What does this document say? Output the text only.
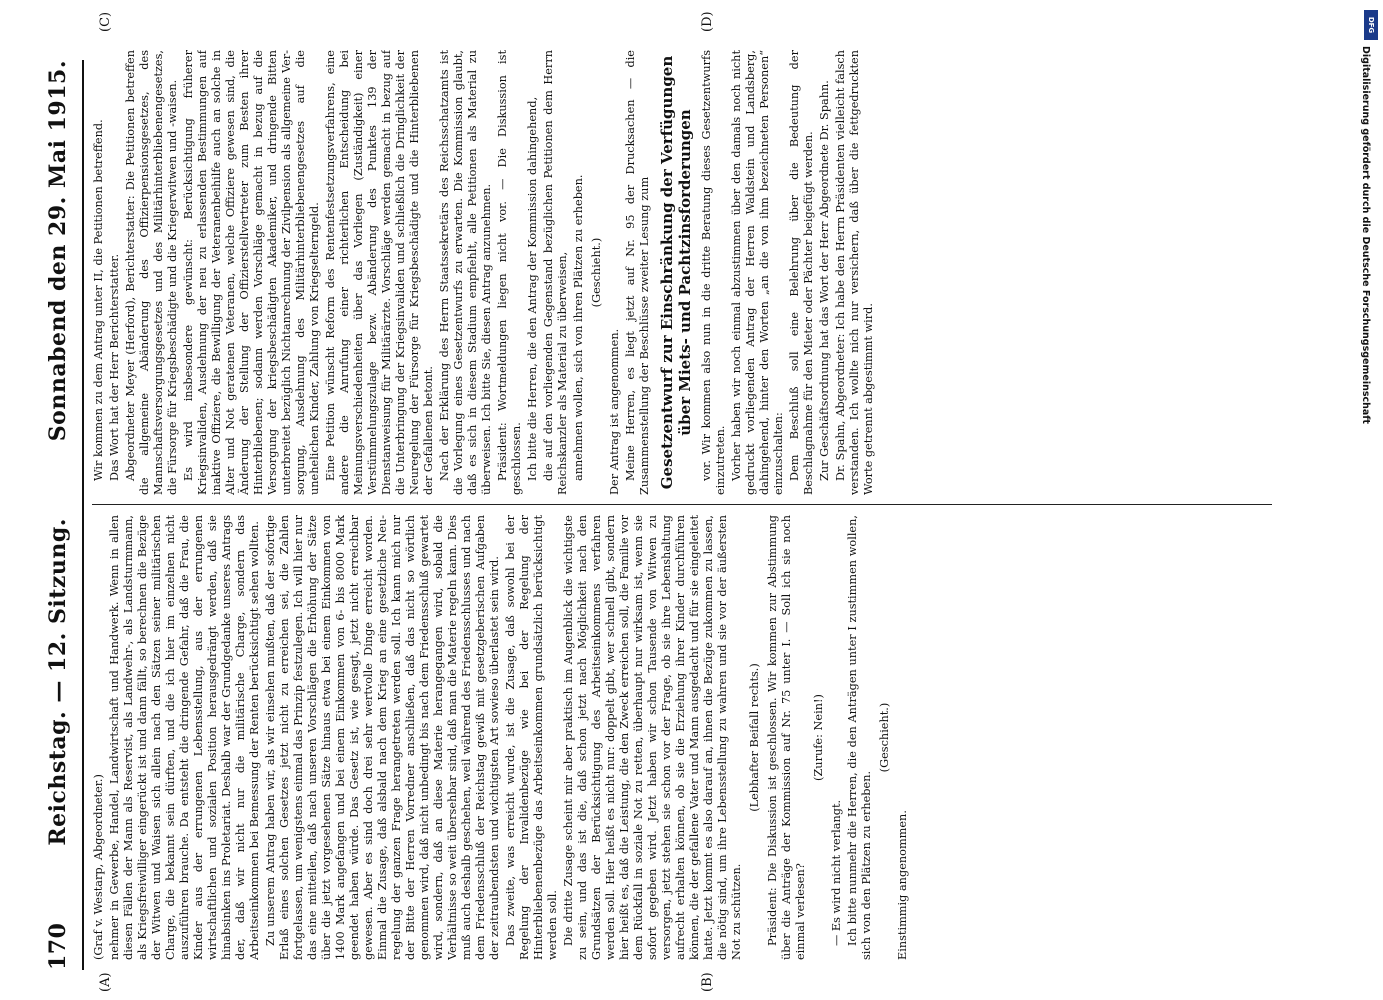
170
Reichstag. — 12. Sitzung.
Sonnabend den 29. Mai 1915.
(A)	(B)
(C)	(D)

(Graf v. Westarp, Abgeordneter.) nehmer in Gewerbe, Handel, Landwirtschaft und Handwerk. Wenn in allen diesen Fällen der Mann als Reservist, als Landwehr-, als Landsturmmann, als Kriegsfreiwilliger eingerückt ist und dann fällt, so berechnen die Bezüge der Witwen und Waisen sich allein nach den Sätzen seiner militärischen Charge, die bekannt sein dürften, und die ich hier im einzelnen nicht auszuführen brauche. Da entsteht die dringende Gefahr, daß die Frau, die Kinder aus der errungenen Lebensstellung, aus der errungenen wirtschaftlichen und sozialen Position herausgedrängt werden, daß sie hinabsinken ins Proletariat. Deshalb war der Grundgedanke unseres Antrags der, daß wir nicht nur die militärische Charge, sondern das Arbeitseinkommen bei Bemessung der Renten berücksichtigt sehen wollten. Zu unserem Antrag haben wir, als wir einsehen mußten, daß der sofortige Erlaß eines solchen Gesetzes jetzt nicht zu erreichen sei, die Zahlen fortgelassen, um wenigstens einmal das Prinzip festzulegen. Ich will hier nur das eine mitteilen, daß nach unseren Vorschlägen die Erhöhung der Sätze über die jetzt vorgesehenen Sätze hinaus etwa bei einem Einkommen von 1400 Mark angefangen und bei einem Einkommen von 6- bis 8000 Mark geendet haben würde. Das Gesetz ist, wie gesagt, jetzt nicht erreichbar gewesen. Aber es sind doch drei sehr wertvolle Dinge erreicht worden. Einmal die Zusage, daß alsbald nach dem Krieg an eine gesetzliche Neuregelung der ganzen Frage herangetreten werden soll. Ich kann mich nur der Bitte der Herren Vorredner anschließen, daß das nicht so wörtlich genommen wird, daß nicht unbedingt bis nach dem Friedensschluß gewartet wird, sondern, daß an diese Materie herangegangen wird, sobald die Verhältnisse so weit übersehbar sind, daß man die Materie regeln kann. Dies muß auch deshalb geschehen, weil während des Friedensschlusses und nach dem Friedensschluß der Reichstag gewiß mit gesetzgeberischen Aufgaben der zeitraubendsten und wichtigsten Art sowieso überlastet sein wird. Das zweite, was erreicht wurde, ist die Zusage, daß sowohl bei der Regelung der Invalidenbezüge wie bei der Regelung der Hinterbliebenenbezüge das Arbeitseinkommen grundsätzlich berücksichtigt werden soll. Die dritte Zusage scheint mir aber praktisch im Augenblick die wichtigste zu sein, und das ist die, daß schon jetzt nach Möglichkeit nach den Grundsätzen der Berücksichtigung des Arbeitseinkommens verfahren werden soll. Hier heißt es nicht nur: doppelt gibt, wer schnell gibt, sondern hier heißt es, daß die Leistung, die den Zweck erreichen soll, die Familie vor dem Rückfall in soziale Not zu retten, überhaupt nur wirksam ist, wenn sie sofort gegeben wird. Jetzt haben wir schon Tausende von Witwen zu versorgen, jetzt stehen sie schon vor der Frage, ob sie ihre Lebenshaltung aufrecht erhalten können, ob sie die Erziehung ihrer Kinder durchführen können, die der gefallene Vater und Mann ausgedacht und für sie eingeleitet hatte. Jetzt kommt es also darauf an, ihnen die Bezüge zukommen zu lassen, die nötig sind, um ihre Lebensstellung zu wahren und sie vor der äußersten Not zu schützen.

(Lebhafter Beifall rechts.) Präsident: Die Diskussion ist geschlossen. Wir kommen zur Abstimmung über die Anträge der Kommission auf Nr. 75 unter I. — Soll ich sie noch einmal verlesen?

(Zurufe: Nein!)

— Es wird nicht verlangt. Ich bitte nunmehr die Herren, die den Anträgen unter I zustimmen wollen, sich von den Plätzen zu erheben.

(Geschieht.)

Einstimmig angenommen.

Wir kommen zu dem Antrag unter II, die Petitionen betreffend. Das Wort hat der Herr Berichterstatter. Abgeordneter Meyer (Herford), Berichterstatter: Die Petitionen betreffen die allgemeine Abänderung des Offizierpensionsgesetzes, des Mannschaftsversorgungsgesetzes und des Militärhinterbliebenengesetzes, die Fürsorge für Kriegsbeschädigte und die Kriegerwitwen und -waisen. Es wird insbesondere gewünscht: Berücksichtigung früherer Kriegsinvaliden, Ausdehnung der neu zu erlassenden Bestimmungen auf inaktive Offiziere, die Bewilligung der Veteranenbeihilfe auch an solche in Alter und Not geratenen Veteranen, welche Offiziere gewesen sind, die Änderung der Stellung der Offizierstellvertreter zum Besten ihrer Hinterbliebenen; sodann werden Vorschläge gemacht in bezug auf die Versorgung der kriegsbeschädigten Akademiker, und dringende Bitten unterbreitet bezüglich Nichtanrechnung der Zivilpension als allgemeine Versorgung, Ausdehnung des Militärhinterbliebenengesetzes auf die unehelichen Kinder, Zahlung von Kriegselterngeld. Eine Petition wünscht Reform des Rentenfestsetzungsverfahrens, eine andere die Anrufung einer richterlichen Entscheidung bei Meinungsverschiedenheiten über das Vorliegen (Zuständigkeit) einer Verstümmelungszulage bezw. Abänderung des Punktes 139 der Dienstanweisung für Militärärzte. Vorschläge werden gemacht in bezug auf die Unterbringung der Kriegsinvaliden und schließlich die Dringlichkeit der Neuregelung der Fürsorge für Kriegsbeschädigte und die Hinterbliebenen der Gefallenen betont. Nach der Erklärung des Herrn Staatssekretärs des Reichsschatzamts ist die Vorlegung eines Gesetzentwurfs zu erwarten. Die Kommission glaubt, daß es sich in diesem Stadium empfiehlt, alle Petitionen als Material zu überweisen. Ich bitte Sie, diesen Antrag anzunehmen. Präsident: Wortmeldungen liegen nicht vor. — Die Diskussion ist geschlossen. Ich bitte die Herren, die den Antrag der Kommission dahingehend, die auf den vorliegenden Gegenstand bezüglichen Petitionen dem Herrn Reichskanzler als Material zu überweisen, annehmen wollen, sich von ihren Plätzen zu erheben. (Geschieht.)

Der Antrag ist angenommen. Meine Herren, es liegt jetzt auf Nr. 95 der Drucksachen — die Zusammenstellung der Beschlüsse zweiter Lesung zum Gesetzentwurf zur Einschränkung der Verfügungen über Miets- und Pachtzinsforderungen vor. Wir kommen also nun in die dritte Beratung dieses Gesetzentwurfs einzutreten. Vorher haben wir noch einmal abzustimmen über den damals noch nicht gedruckt vorliegenden Antrag der Herren Waldstein und Landsberg, dahingehend, hinter den Worten „an die von ihm bezeichneten Personen“ einzuschalten: Dem Beschluß soll eine Belehrung über die Bedeutung der Beschlagnahme für den Mieter oder Pächter beigefügt werden. Zur Geschäftsordnung hat das Wort der Herr Abgeordnete Dr. Spahn. Dr. Spahn, Abgeordneter: Ich habe den Herrn Präsidenten vielleicht falsch verstanden. Ich wollte nich nur versichern, daß über die fettgedruckten Worte getrennt abgestimmt wird.

DFG
Digitalisierung gefördert durch die Deutsche Forschungsgemeinschaft
